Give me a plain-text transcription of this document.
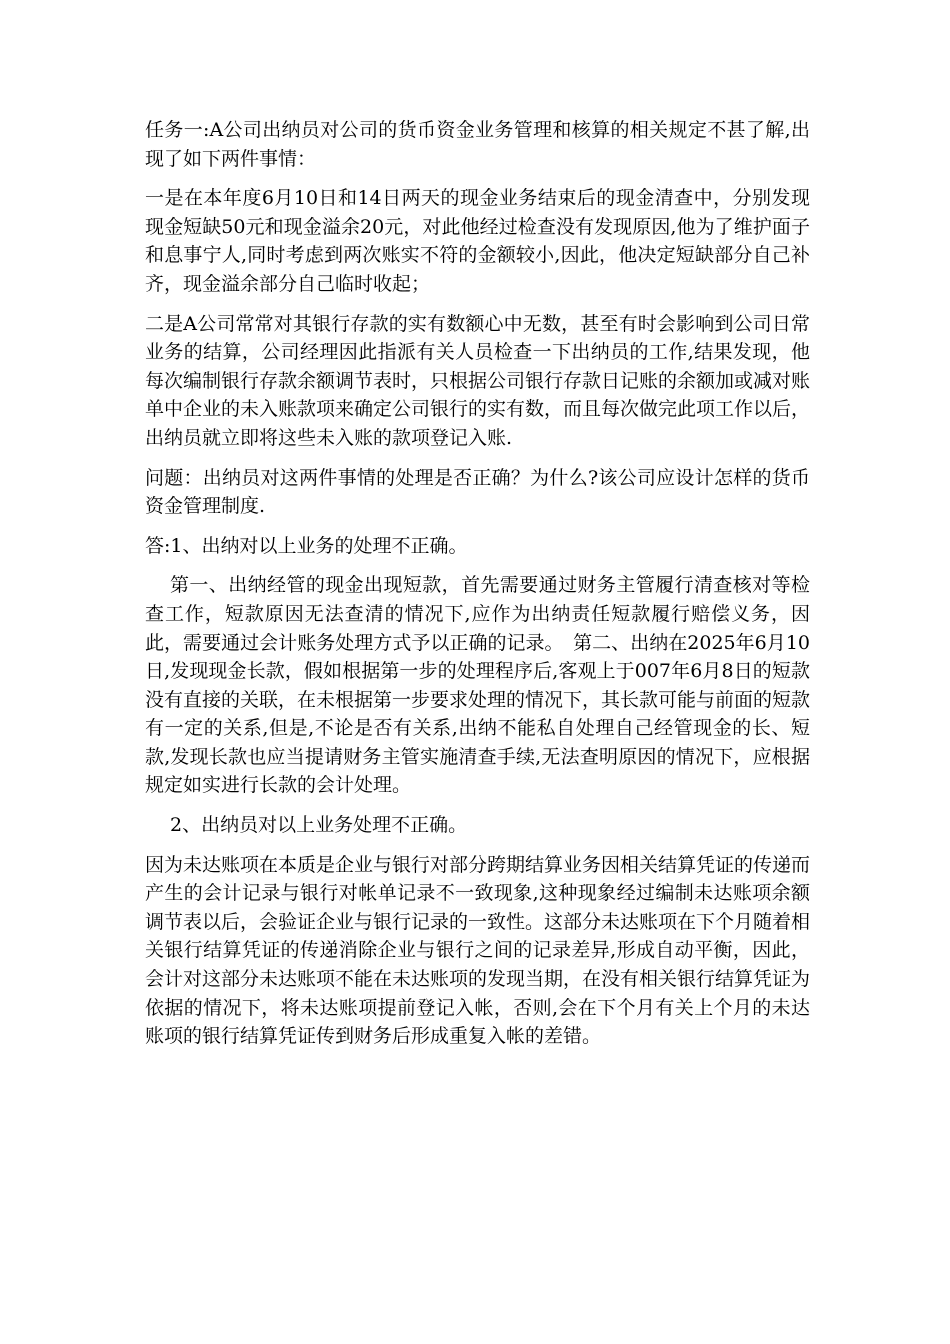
任务一:A公司出纳员对公司的货币资金业务管理和核算的相关规定不甚了解,出现了如下两件事情：

一是在本年度6月10日和14日两天的现金业务结束后的现金清查中，分别发现现金短缺50元和现金溢余20元，对此他经过检查没有发现原因,他为了维护面子和息事宁人,同时考虑到两次账实不符的金额较小,因此，他决定短缺部分自己补齐，现金溢余部分自己临时收起；

二是A公司常常对其银行存款的实有数额心中无数，甚至有时会影响到公司日常业务的结算，公司经理因此指派有关人员检查一下出纳员的工作,结果发现，他每次编制银行存款余额调节表时，只根据公司银行存款日记账的余额加或减对账单中企业的未入账款项来确定公司银行的实有数，而且每次做完此项工作以后，出纳员就立即将这些未入账的款项登记入账.

问题：出纳员对这两件事情的处理是否正确？为什么?该公司应设计怎样的货币资金管理制度.

答:1、出纳对以上业务的处理不正确。

第一、出纳经管的现金出现短款，首先需要通过财务主管履行清查核对等检查工作，短款原因无法查清的情况下,应作为出纳责任短款履行赔偿义务，因此，需要通过会计账务处理方式予以正确的记录。　第二、出纳在2025年6月10日,发现现金长款，假如根据第一步的处理程序后,客观上于007年6月8日的短款没有直接的关联，在未根据第一步要求处理的情况下，其长款可能与前面的短款有一定的关系,但是,不论是否有关系,出纳不能私自处理自己经管现金的长、短款,发现长款也应当提请财务主管实施清查手续,无法查明原因的情况下，应根据规定如实进行长款的会计处理。

2、出纳员对以上业务处理不正确。

因为未达账项在本质是企业与银行对部分跨期结算业务因相关结算凭证的传递而产生的会计记录与银行对帐单记录不一致现象,这种现象经过编制未达账项余额调节表以后，会验证企业与银行记录的一致性。这部分未达账项在下个月随着相关银行结算凭证的传递消除企业与银行之间的记录差异,形成自动平衡，因此，会计对这部分未达账项不能在未达账项的发现当期，在没有相关银行结算凭证为依据的情况下，将未达账项提前登记入帐，否则,会在下个月有关上个月的未达账项的银行结算凭证传到财务后形成重复入帐的差错。
